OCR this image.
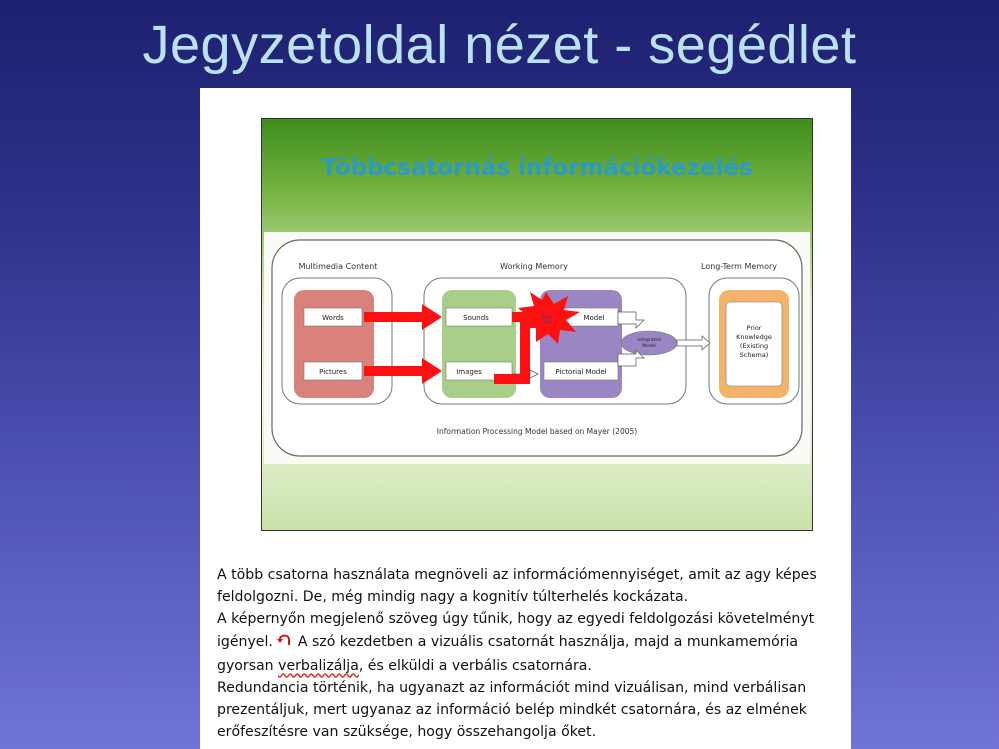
Jegyzetoldal nézet - segédlet
Többcsatornás információkezelés
Multimedia Content	Working Memory	Long-Term Memory
Words
Pictures
Sounds
Images
Model
Pictorial Model
Integrated
Model
Prior
Knowledge
(Existing
Schema)
Kogn.
túlt.
Information Processing Model based on Mayer (2005)

A több csatorna használata megnöveli az információmennyiséget, amit az agy képes feldolgozni. De, még mindig nagy a kognitív túlterhelés kockázata.

A képernyőn megjelenő szöveg úgy tűnik, hogy az egyedi feldolgozási követelményt igényel.  A szó kezdetben a vizuális csatornát használja, majd a munkamemória gyorsan verbalizálja, és elküldi a verbális csatornára.

Redundancia történik, ha ugyanazt az információt mind vizuálisan, mind verbálisan prezentáljuk, mert ugyanaz az információ belép mindkét csatornára, és az elmének erőfeszítésre van szüksége, hogy összehangolja őket.
